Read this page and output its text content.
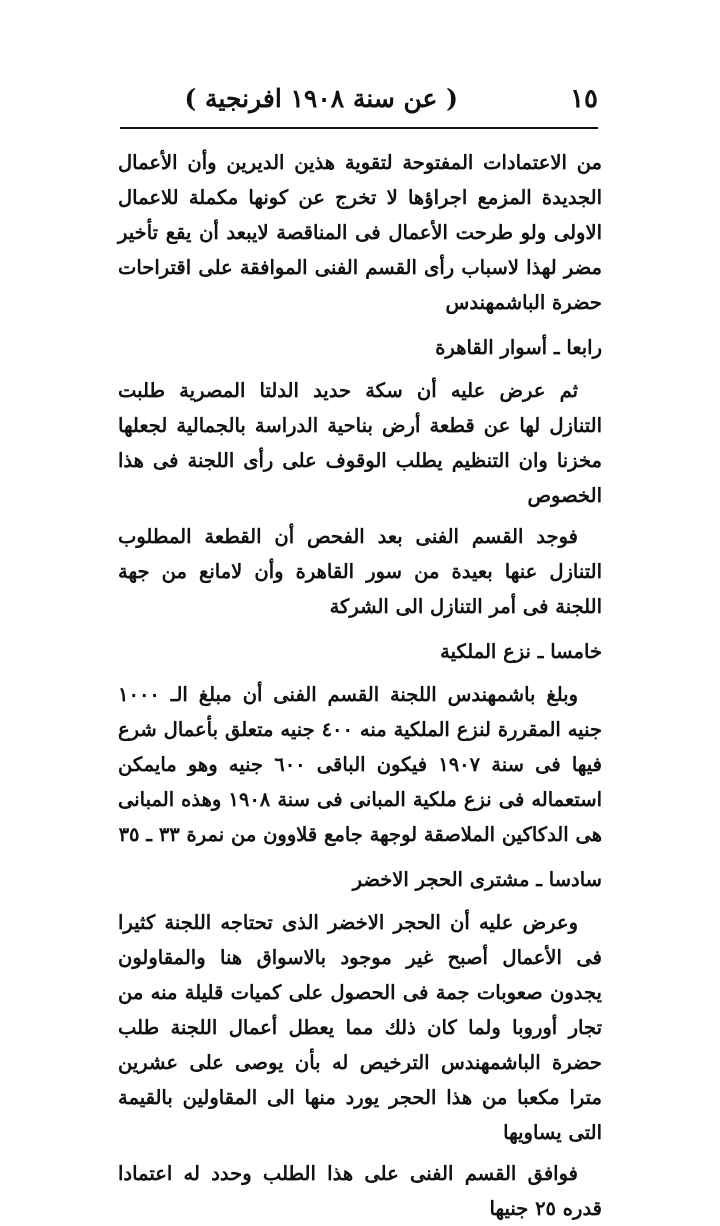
١٥
( عن سنة ١٩٠٨ افرنجية )

من الاعتمادات المفتوحة لتقوية هذين الديرين وأن الأعمال الجديدة المزمع اجراؤها لا تخرج عن كونها مكملة للاعمال الاولى ولو طرحت الأعمال فى المناقصة لايبعد أن يقع تأخير مضر لهذا لاسباب رأى القسم الفنى الموافقة على اقتراحات حضرة الباشمهندس

رابعا ـ أسوار القاهرة

ثم عرض عليه أن سكة حديد الدلتا المصرية طلبت التنازل لها عن قطعة أرض بناحية الدراسة بالجمالية لجعلها مخزنا وان التنظيم يطلب الوقوف على رأى اللجنة فى هذا الخصوص

فوجد القسم الفنى بعد الفحص أن القطعة المطلوب التنازل عنها بعيدة من سور القاهرة وأن لامانع من جهة اللجنة فى أمر التنازل الى الشركة

خامسا ـ نزع الملكية

وبلغ باشمهندس اللجنة القسم الفنى أن مبلغ الـ ١٠٠٠ جنيه المقررة لنزع الملكية منه ٤٠٠ جنيه متعلق بأعمال شرع فيها فى سنة ١٩٠٧ فيكون الباقى ٦٠٠ جنيه وهو مايمكن استعماله فى نزع ملكية المبانى فى سنة ١٩٠٨ وهذه المبانى هى الدكاكين الملاصقة لوجهة جامع قلاوون من نمرة ٣٣ ـ ٣٥

سادسا ـ مشترى الحجر الاخضر

وعرض عليه أن الحجر الاخضر الذى تحتاجه اللجنة كثيرا فى الأعمال أصبح غير موجود بالاسواق هنا والمقاولون يجدون صعوبات جمة فى الحصول على كميات قليلة منه من تجار أوروبا ولما كان ذلك مما يعطل أعمال اللجنة طلب حضرة الباشمهندس الترخيص له بأن يوصى على عشرين مترا مكعبا من هذا الحجر يورد منها الى المقاولين بالقيمة التى يساويها

فوافق القسم الفنى على هذا الطلب وحدد له اعتمادا قدره ٢٥ جنيها
